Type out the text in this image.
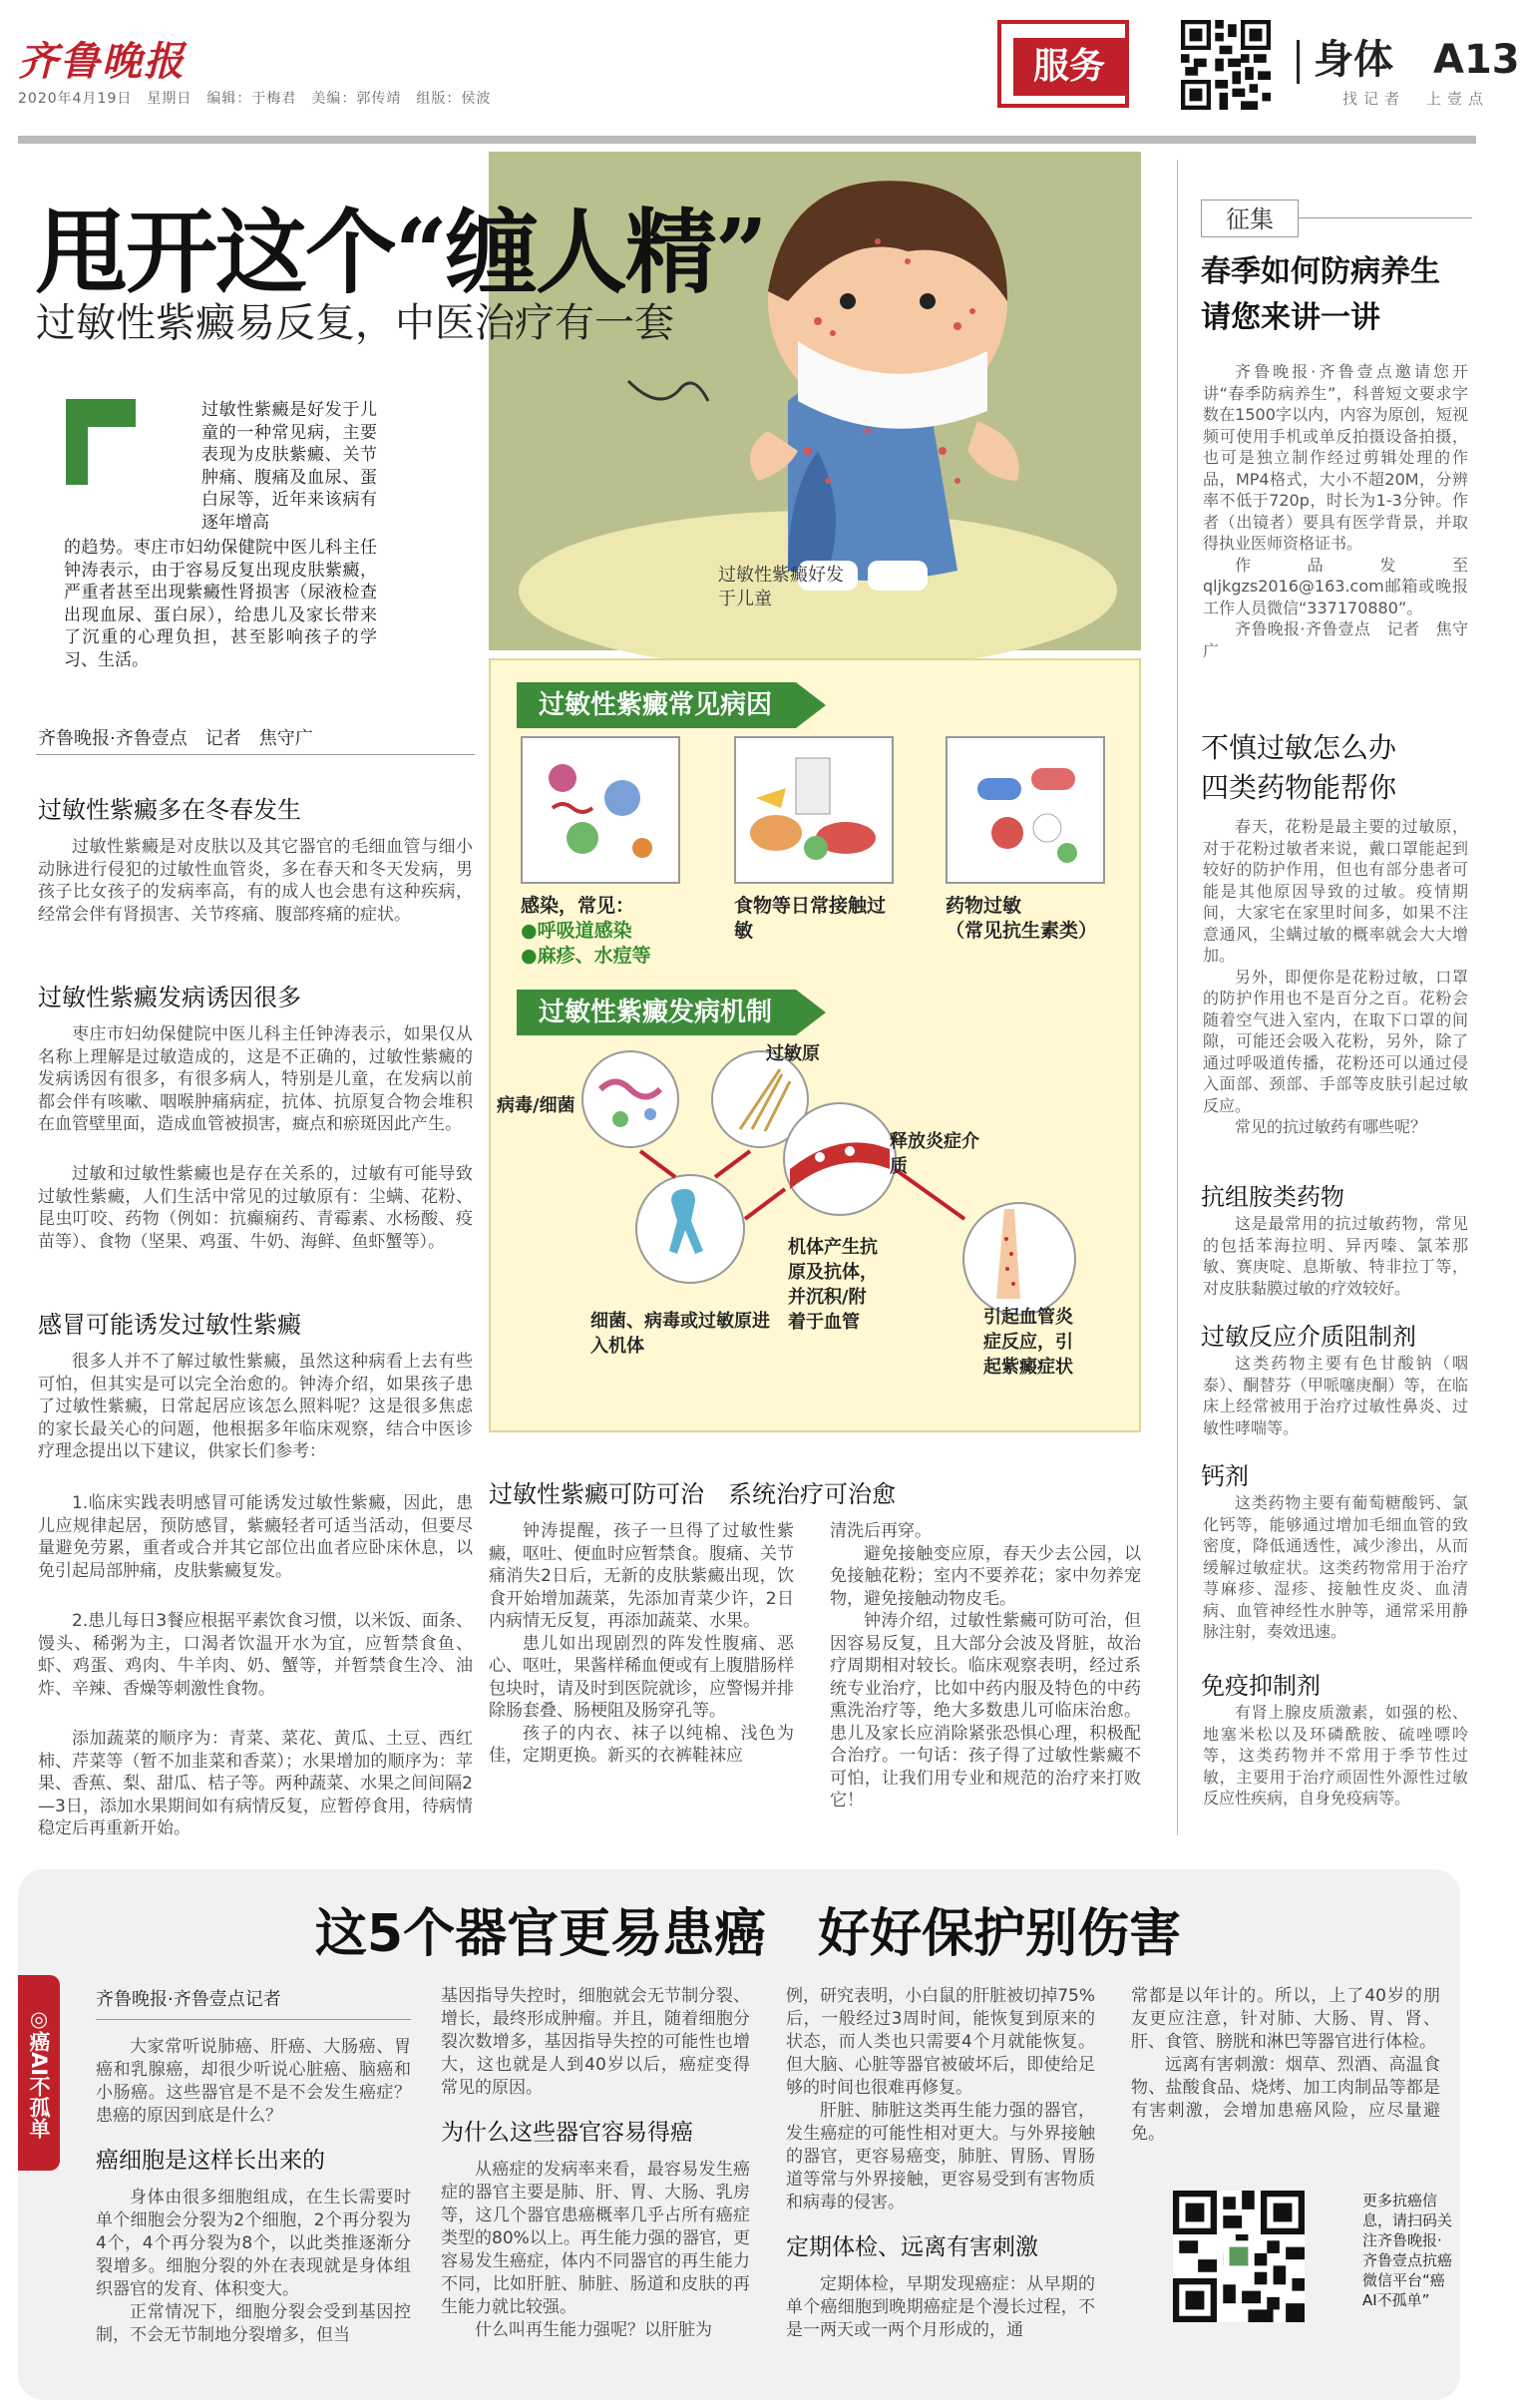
齐鲁晚报
2020年4月19日　星期日　编辑：于梅君　美编：郭传靖　组版：侯波
服务	身体　 A13
找记者　上壹点
甩开这个“缠人精”
过敏性紫癜易反复，中医治疗有一套
过敏性紫癜好发于儿童
过敏性紫癜是好发于儿童的一种常见病，主要表现为皮肤紫癜、关节肿痛、腹痛及血尿、蛋白尿等，近年来该病有逐年增高
的趋势。枣庄市妇幼保健院中医儿科主任钟涛表示，由于容易反复出现皮肤紫癜，严重者甚至出现紫癜性肾损害（尿液检查出现血尿、蛋白尿），给患儿及家长带来了沉重的心理负担，甚至影响孩子的学习、生活。
齐鲁晚报·齐鲁壹点　记者　焦守广
过敏性紫癜多在冬春发生
过敏性紫癜是对皮肤以及其它器官的毛细血管与细小动脉进行侵犯的过敏性血管炎，多在春天和冬天发病，男孩子比女孩子的发病率高，有的成人也会患有这种疾病，经常会伴有肾损害、关节疼痛、腹部疼痛的症状。
过敏性紫癜发病诱因很多
枣庄市妇幼保健院中医儿科主任钟涛表示，如果仅从名称上理解是过敏造成的，这是不正确的，过敏性紫癜的发病诱因有很多，有很多病人，特别是儿童，在发病以前都会伴有咳嗽、咽喉肿痛病症，抗体、抗原复合物会堆积在血管壁里面，造成血管被损害，癍点和瘀斑因此产生。
过敏和过敏性紫癜也是存在关系的，过敏有可能导致过敏性紫癜，人们生活中常见的过敏原有：尘螨、花粉、昆虫叮咬、药物（例如：抗癫痫药、青霉素、水杨酸、疫苗等）、食物（坚果、鸡蛋、牛奶、海鲜、鱼虾蟹等）。
感冒可能诱发过敏性紫癜
很多人并不了解过敏性紫癜，虽然这种病看上去有些可怕，但其实是可以完全治愈的。钟涛介绍，如果孩子患了过敏性紫癜，日常起居应该怎么照料呢？这是很多焦虑的家长最关心的问题，他根据多年临床观察，结合中医诊疗理念提出以下建议，供家长们参考：
1.临床实践表明感冒可能诱发过敏性紫癜，因此，患儿应规律起居，预防感冒，紫癜轻者可适当活动，但要尽量避免劳累，重者或合并其它部位出血者应卧床休息，以免引起局部肿痛，皮肤紫癜复发。
2.患儿每日3餐应根据平素饮食习惯，以米饭、面条、馒头、稀粥为主，口渴者饮温开水为宜，应暂禁食鱼、虾、鸡蛋、鸡肉、牛羊肉、奶、蟹等，并暂禁食生冷、油炸、辛辣、香燥等刺激性食物。
添加蔬菜的顺序为：青菜、菜花、黄瓜、土豆、西红柿、芹菜等（暂不加韭菜和香菜）；水果增加的顺序为：苹果、香蕉、梨、甜瓜、桔子等。两种蔬菜、水果之间间隔2—3日，添加水果期间如有病情反复，应暂停食用，待病情稳定后再重新开始。
过敏性紫癜常见病因
感染，常见：
●呼吸道感染
●麻疹、水痘等
食物等日常接触过敏
药物过敏
（常见抗生素类）
过敏性紫癜发病机制
病毒/细菌
过敏原
释放炎症介质
机体产生抗原及抗体，并沉积/附着于血管
细菌、病毒或过敏原进入机体
引起血管炎症反应，引起紫癜症状
过敏性紫癜可防可治　系统治疗可治愈
钟涛提醒，孩子一旦得了过敏性紫癜，呕吐、便血时应暂禁食。腹痛、关节痛消失2日后，无新的皮肤紫癜出现，饮食开始增加蔬菜，先添加青菜少许，2日内病情无反复，再添加蔬菜、水果。
患儿如出现剧烈的阵发性腹痛、恶心、呕吐，果酱样稀血便或有上腹腊肠样包块时，请及时到医院就诊，应警惕并排除肠套叠、肠梗阻及肠穿孔等。
孩子的内衣、袜子以纯棉、浅色为佳，定期更换。新买的衣裤鞋袜应
清洗后再穿。
避免接触变应原，春天少去公园，以免接触花粉；室内不要养花；家中勿养宠物，避免接触动物皮毛。
钟涛介绍，过敏性紫癜可防可治，但因容易反复，且大部分会波及肾脏，故治疗周期相对较长。临床观察表明，经过系统专业治疗，比如中药内服及特色的中药熏洗治疗等，绝大多数患儿可临床治愈。患儿及家长应消除紧张恐惧心理，积极配合治疗。一句话：孩子得了过敏性紫癜不可怕，让我们用专业和规范的治疗来打败它！
征集
春季如何防病养生
请您来讲一讲
齐鲁晚报·齐鲁壹点邀请您开讲“春季防病养生”，科普短文要求字数在1500字以内，内容为原创，短视频可使用手机或单反拍摄设备拍摄，也可是独立制作经过剪辑处理的作品，MP4格式，大小不超20M，分辨率不低于720p，时长为1-3分钟。作者（出镜者）要具有医学背景，并取得执业医师资格证书。
作品发至qljkgzs2016@163.com邮箱或晚报工作人员微信“337170880”。
齐鲁晚报·齐鲁壹点　记者　焦守广
不慎过敏怎么办
四类药物能帮你
春天，花粉是最主要的过敏原，对于花粉过敏者来说，戴口罩能起到较好的防护作用，但也有部分患者可能是其他原因导致的过敏。疫情期间，大家宅在家里时间多，如果不注意通风，尘螨过敏的概率就会大大增加。
另外，即便你是花粉过敏，口罩的防护作用也不是百分之百。花粉会随着空气进入室内，在取下口罩的间隙，可能还会吸入花粉，另外，除了通过呼吸道传播，花粉还可以通过侵入面部、颈部、手部等皮肤引起过敏反应。
常见的抗过敏药有哪些呢？
抗组胺类药物
这是最常用的抗过敏药物，常见的包括苯海拉明、异丙嗪、氯苯那敏、赛庚啶、息斯敏、特非拉丁等，对皮肤黏膜过敏的疗效较好。
过敏反应介质阻制剂
这类药物主要有色甘酸钠（咽泰）、酮替芬（甲哌噻庚酮）等，在临床上经常被用于治疗过敏性鼻炎、过敏性哮喘等。
钙剂
这类药物主要有葡萄糖酸钙、氯化钙等，能够通过增加毛细血管的致密度，降低通透性，减少渗出，从而缓解过敏症状。这类药物常用于治疗荨麻疹、湿疹、接触性皮炎、血清病、血管神经性水肿等，通常采用静脉注射，奏效迅速。
免疫抑制剂
有肾上腺皮质激素，如强的松、地塞米松以及环磷酰胺、硫唑嘌呤等，这类药物并不常用于季节性过敏，主要用于治疗顽固性外源性过敏反应性疾病，自身免疫病等。
这5个器官更易患癌　好好保护别伤害
◎癌AI不孤单
齐鲁晚报·齐鲁壹点记者
大家常听说肺癌、肝癌、大肠癌、胃癌和乳腺癌，却很少听说心脏癌、脑癌和小肠癌。这些器官是不是不会发生癌症？患癌的原因到底是什么？
癌细胞是这样长出来的
身体由很多细胞组成，在生长需要时单个细胞会分裂为2个细胞，2个再分裂为4个，4个再分裂为8个，以此类推逐渐分裂增多。细胞分裂的外在表现就是身体组织器官的发育、体积变大。
正常情况下，细胞分裂会受到基因控制，不会无节制地分裂增多，但当
基因指导失控时，细胞就会无节制分裂、增长，最终形成肿瘤。并且，随着细胞分裂次数增多，基因指导失控的可能性也增大，这也就是人到40岁以后，癌症变得常见的原因。
为什么这些器官容易得癌
从癌症的发病率来看，最容易发生癌症的器官主要是肺、肝、胃、大肠、乳房等，这几个器官患癌概率几乎占所有癌症类型的80%以上。再生能力强的器官，更容易发生癌症，体内不同器官的再生能力不同，比如肝脏、肺脏、肠道和皮肤的再生能力就比较强。
什么叫再生能力强呢？以肝脏为
例，研究表明，小白鼠的肝脏被切掉75%后，一般经过3周时间，能恢复到原来的状态，而人类也只需要4个月就能恢复。但大脑、心脏等器官被破坏后，即使给足够的时间也很难再修复。
肝脏、肺脏这类再生能力强的器官，发生癌症的可能性相对更大。与外界接触的器官，更容易癌变，肺脏、胃肠、胃肠道等常与外界接触，更容易受到有害物质和病毒的侵害。
定期体检、远离有害刺激
定期体检，早期发现癌症：从早期的单个癌细胞到晚期癌症是个漫长过程，不是一两天或一两个月形成的，通
常都是以年计的。所以，上了40岁的朋友更应注意，针对肺、大肠、胃、肾、肝、食管、膀胱和淋巴等器官进行体检。
远离有害刺激：烟草、烈酒、高温食物、盐酸食品、烧烤、加工肉制品等都是有害刺激，会增加患癌风险，应尽量避免。
更多抗癌信息，请扫码关注齐鲁晚报·齐鲁壹点抗癌微信平台“癌AI不孤单”
